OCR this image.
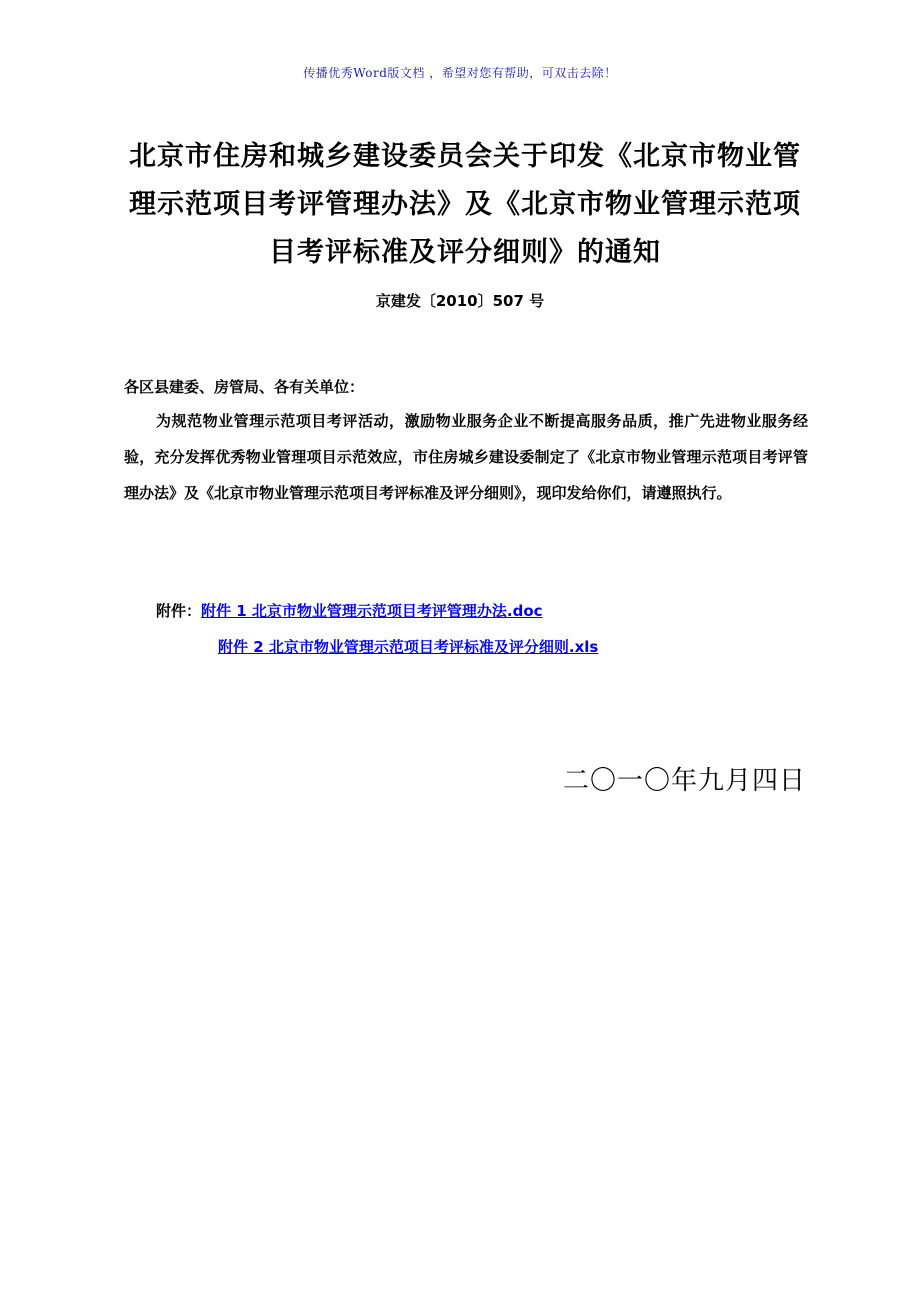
传播优秀Word版文档 ，希望对您有帮助，可双击去除！
北京市住房和城乡建设委员会关于印发《北京市物业管理示范项目考评管理办法》及《北京市物业管理示范项目考评标准及评分细则》的通知
京建发〔2010〕507 号
各区县建委、房管局、各有关单位：
为规范物业管理示范项目考评活动，激励物业服务企业不断提高服务品质，推广先进物业服务经验，充分发挥优秀物业管理项目示范效应，市住房城乡建设委制定了《北京市物业管理示范项目考评管理办法》及《北京市物业管理示范项目考评标准及评分细则》，现印发给你们，请遵照执行。
附件：附件 1 北京市物业管理示范项目考评管理办法.doc
附件 2 北京市物业管理示范项目考评标准及评分细则.xls
二〇一〇年九月四日
